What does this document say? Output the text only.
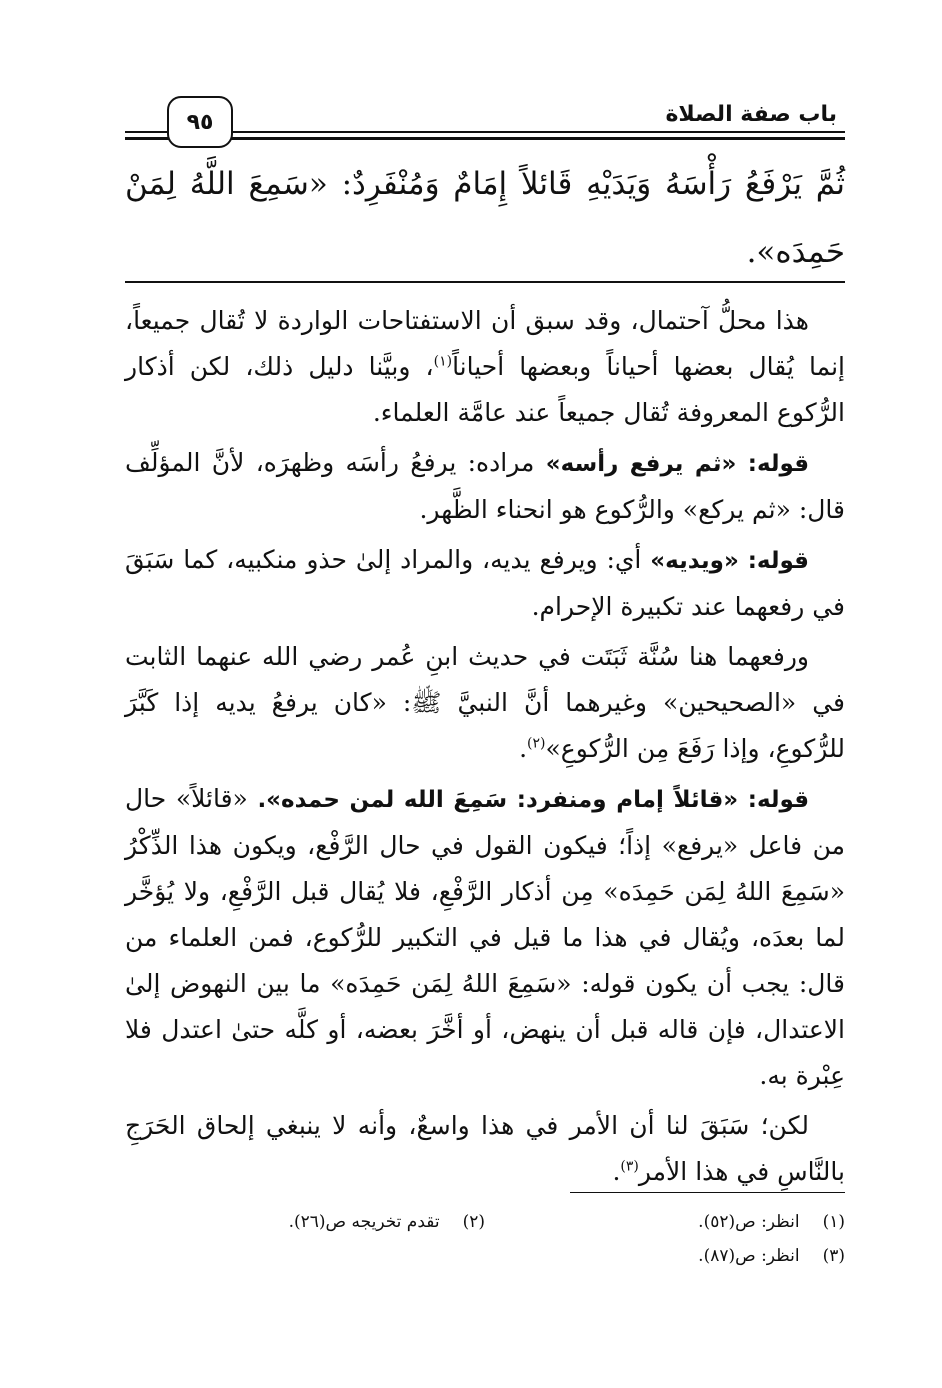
باب صفة الصلاة
٩٥
ثُمَّ يَرْفَعُ رَأْسَهُ وَيَدَيْهِ قَائلاً إِمَامٌ وَمُنْفَرِدٌ: «سَمِعَ اللَّهُ لِمَنْ حَمِدَه».

هذا محلُّ آحتمال، وقد سبق أن الاستفتاحات الواردة لا تُقال جميعاً، إنما يُقال بعضها أحياناً وبعضها أحياناً$^{(١)}$، وبيَّنا دليل ذلك، لكن أذكار الرُّكوع المعروفة تُقال جميعاً عند عامَّة العلماء.

قوله: «ثم يرفع رأسه» مراده: يرفعُ رأسَه وظهرَه، لأنَّ المؤلِّف قال: «ثم يركع» والرُّكوع هو انحناء الظَّهر.

قوله: «ويديه» أي: ويرفع يديه، والمراد إلىٰ حذو منكبيه، كما سَبَقَ في رفعهما عند تكبيرة الإحرام.

ورفعهما هنا سُنَّة ثَبَتَت في حديث ابنِ عُمر رضي الله عنهما الثابت في «الصحيحين» وغيرهما أنَّ النبيَّ ﷺ: «كان يرفعُ يديه إذا كَبَّرَ للرُّكوعِ، وإذا رَفَعَ مِن الرُّكوعِ»$^{(٢)}$.

قوله: «قائلاً إمام ومنفرد: سَمِعَ الله لمن حمده». «قائلاً» حال من فاعل «يرفع» إذاً؛ فيكون القول في حال الرَّفْع، ويكون هذا الذِّكْرُ «سَمِعَ اللهُ لِمَن حَمِدَه» مِن أذكار الرَّفْعِ، فلا يُقال قبل الرَّفْعِ، ولا يُؤخَّر لما بعدَه، ويُقال في هذا ما قيل في التكبير للرُّكوع، فمن العلماء من قال: يجب أن يكون قوله: «سَمِعَ اللهُ لِمَن حَمِدَه» ما بين النهوض إلىٰ الاعتدال، فإن قاله قبل أن ينهض، أو أخَّرَ بعضه، أو كلَّه حتىٰ اعتدل فلا عِبْرة به.

لكن؛ سَبَقَ لنا أن الأمر في هذا واسعٌ، وأنه لا ينبغي إلحاق الحَرَجِ بالنَّاسِ في هذا الأمر$^{(٣)}$.

(١) انظر: ص(٥٢).
(٢) تقدم تخريجه ص(٢٦).
(٣) انظر: ص(٨٧).
